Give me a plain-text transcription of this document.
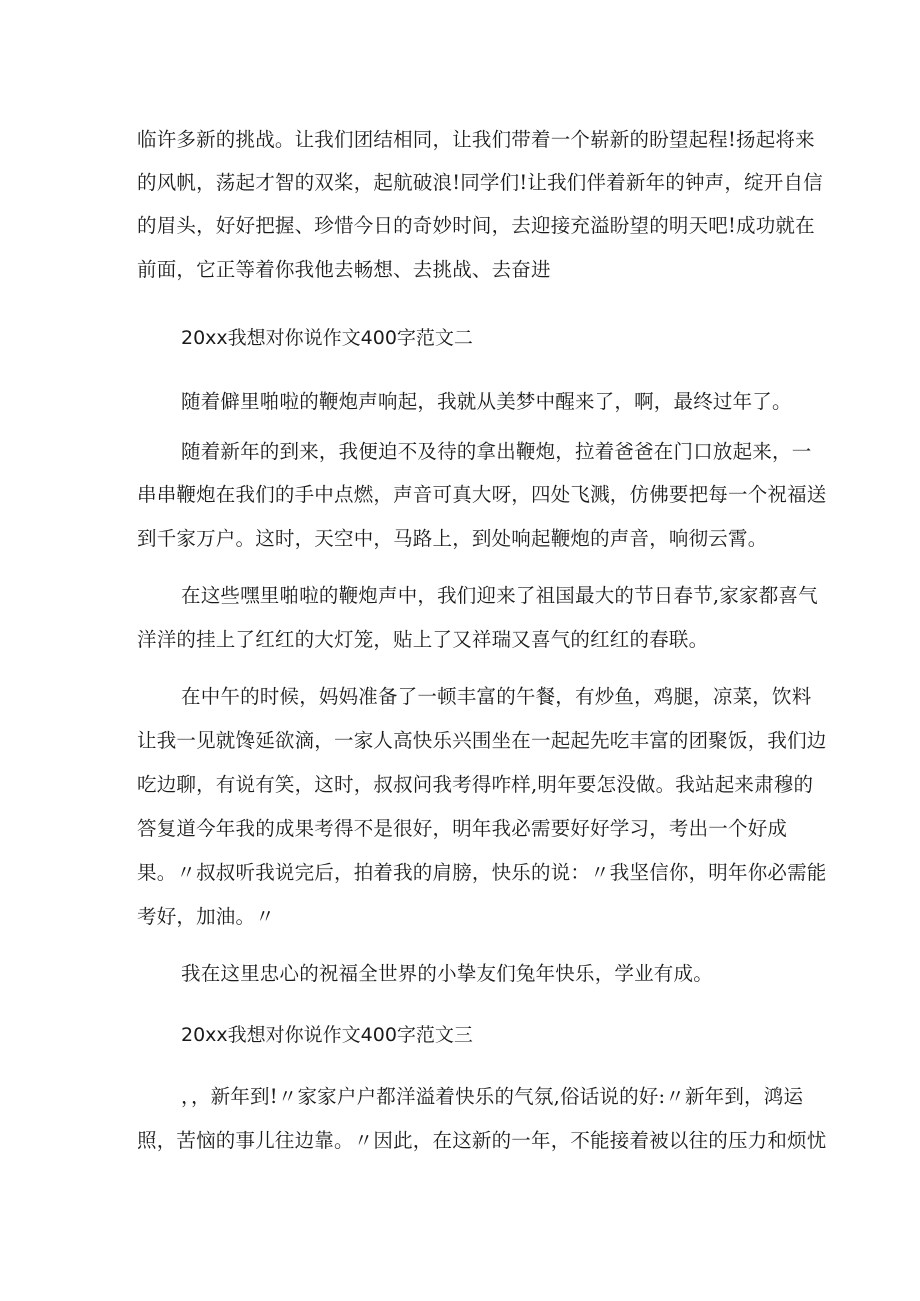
临许多新的挑战。让我们团结相同，让我们带着一个崭新的盼望起程!扬起将来
的风帆，荡起才智的双桨，起航破浪!同学们!让我们伴着新年的钟声，绽开自信
的眉头，好好把握、珍惜今日的奇妙时间，去迎接充溢盼望的明天吧!成功就在
前面，它正等着你我他去畅想、去挑战、去奋进
20xx我想对你说作文400字范文二
随着僻里啪啦的鞭炮声响起，我就从美梦中醒来了，啊，最终过年了。
随着新年的到来，我便迫不及待的拿出鞭炮，拉着爸爸在门口放起来，一
串串鞭炮在我们的手中点燃，声音可真大呀，四处飞溅，仿佛要把每一个祝福送
到千家万户。这时，天空中，马路上，到处响起鞭炮的声音，响彻云霄。
在这些嘿里啪啦的鞭炮声中，我们迎来了祖国最大的节日春节,家家都喜气
洋洋的挂上了红红的大灯笼，贴上了又祥瑞又喜气的红红的春联。
在中午的时候，妈妈准备了一顿丰富的午餐，有炒鱼，鸡腿，凉菜，饮料
让我一见就馋延欲滴，一家人高快乐兴围坐在一起起先吃丰富的团聚饭，我们边
吃边聊，有说有笑，这时，叔叔问我考得咋样,明年要怎没做。我站起来肃穆的
答复道今年我的成果考得不是很好，明年我必需要好好学习，考出一个好成
果。〃叔叔听我说完后，拍着我的肩膀，快乐的说：〃我坚信你，明年你必需能
考好，加油。〃
我在这里忠心的祝福全世界的小挚友们兔年快乐，学业有成。
20xx我想对你说作文400字范文三
，，新年到!〃家家户户都洋溢着快乐的气氛,俗话说的好:〃新年到，鸿运
照，苦恼的事儿往边靠。〃因此，在这新的一年，不能接着被以往的压力和烦忧
